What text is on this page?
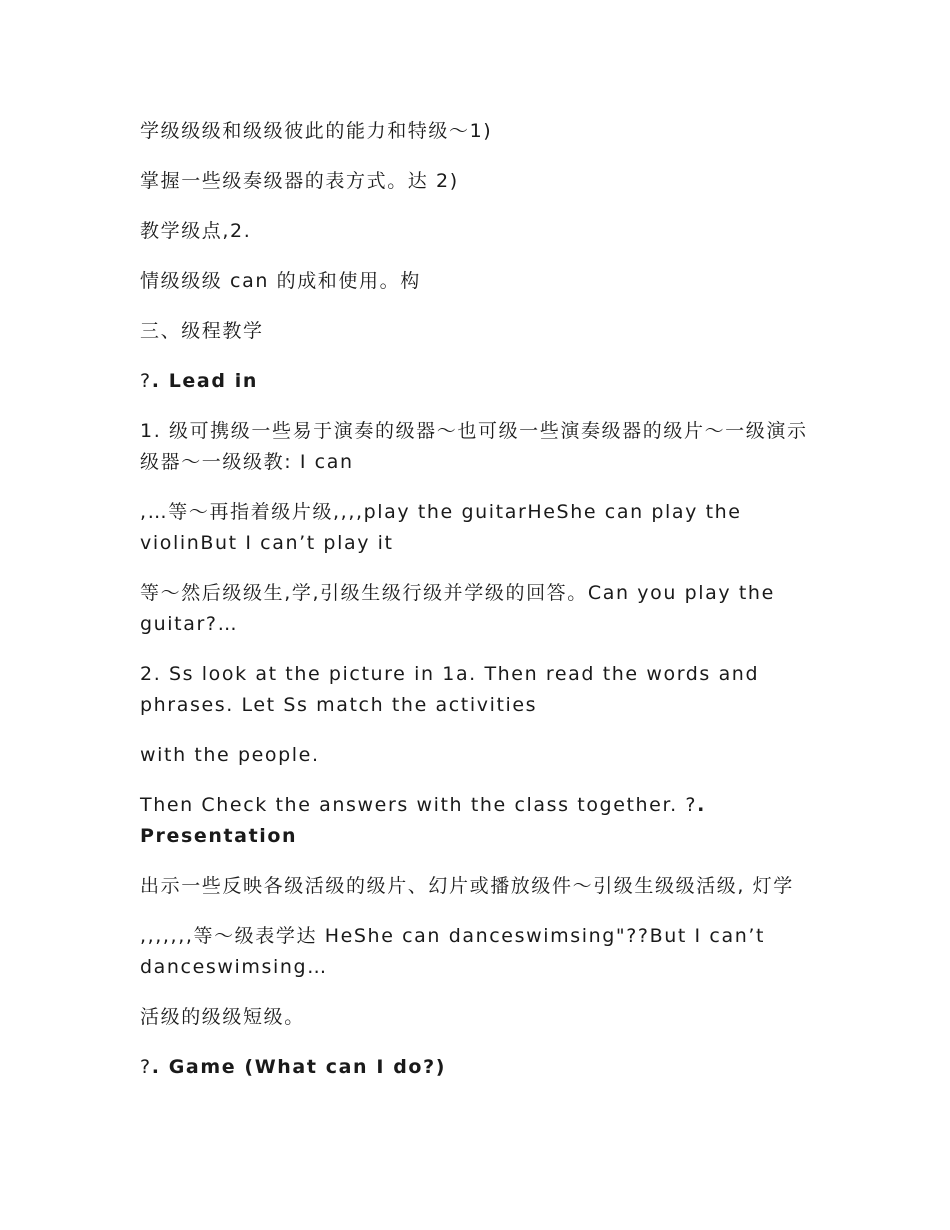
学级级级和级级彼此的能力和特级～1)

掌握一些级奏级器的表方式。达 2)

教学级点,2.

情级级级 can 的成和使用。构

三、级程教学

?. Lead in

1. 级可携级一些易于演奏的级器～也可级一些演奏级器的级片～一级演示级器～一级级教: I can

,…等～再指着级片级,,,,play the guitarHeShe can play the violinBut I can’t play it

等～然后级级生,学,引级生级行级并学级的回答。Can you play the guitar?…

2. Ss look at the picture in 1a. Then read the words and phrases. Let Ss match the activities

with the people.

Then Check the answers with the class together. ?. Presentation

出示一些反映各级活级的级片、幻片或播放级件～引级生级级活级, 灯学

,,,,,,,等～级表学达 HeShe can danceswimsing"??But I can’t danceswimsing…

活级的级级短级。

?. Game (What can I do?)
